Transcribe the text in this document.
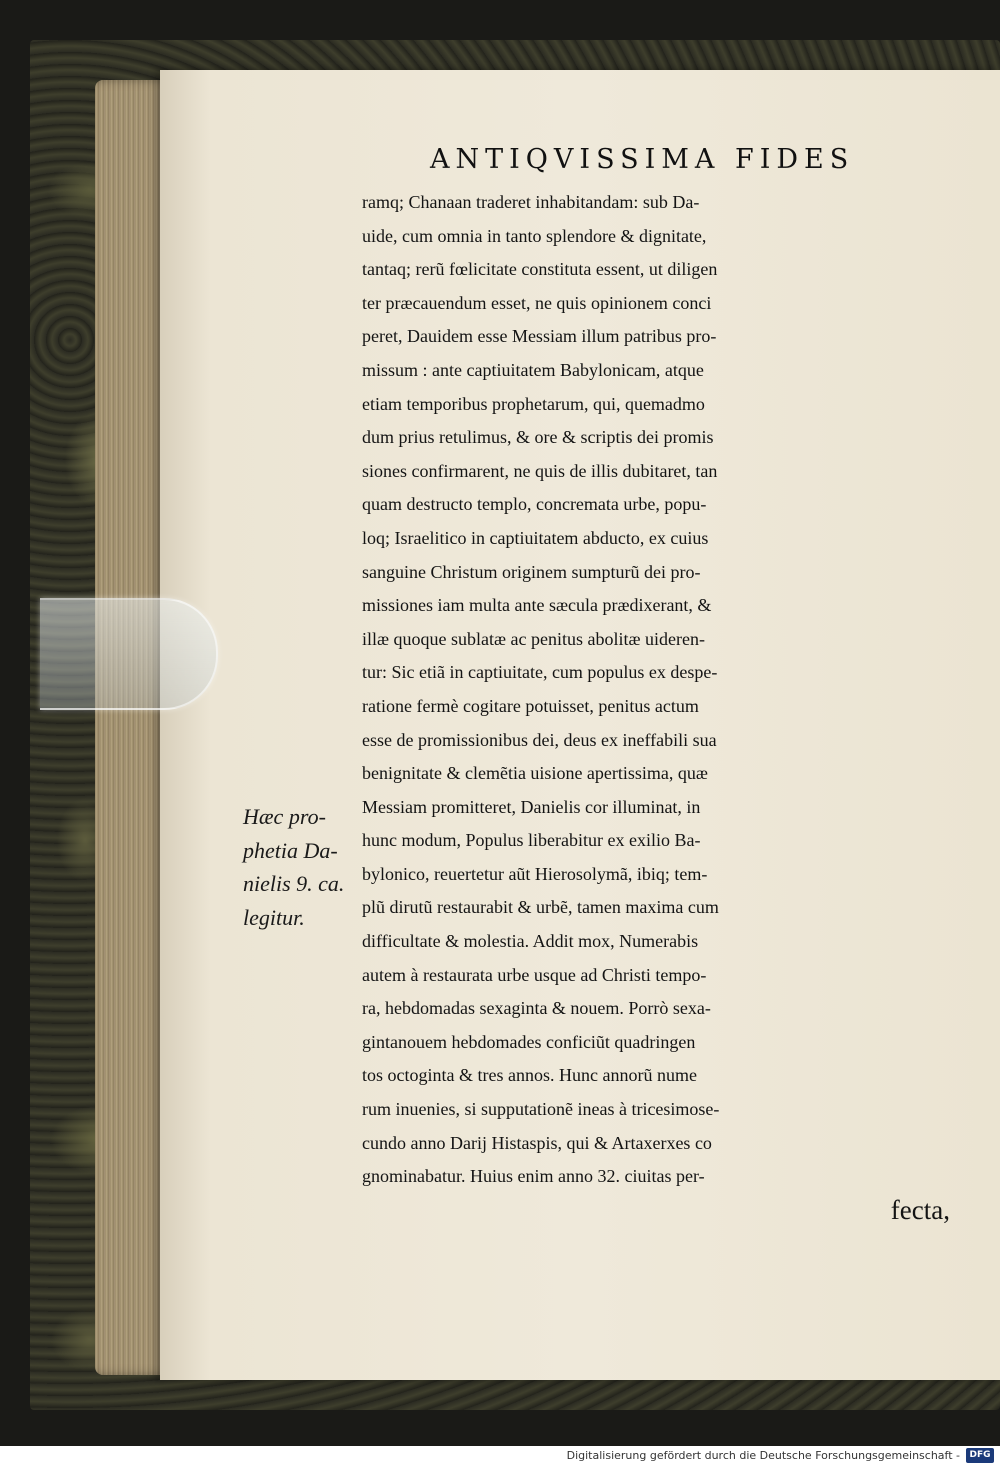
ANTIQVISSIMA FIDES
ramq; Chanaan traderet inhabitandam: sub Da-
uide, cum omnia in tanto splendore & dignitate,
tantaq; rerũ fœlicitate constituta essent, ut diligen
ter præcauendum esset, ne quis opinionem conci
peret, Dauidem esse Messiam illum patribus pro-
missum : ante captiuitatem Babylonicam, atque
etiam temporibus prophetarum, qui, quemadmo
dum prius retulimus, & ore & scriptis dei promis
siones confirmarent, ne quis de illis dubitaret, tan
quam destructo templo, concremata urbe, popu-
loq; Israelitico in captiuitatem abducto, ex cuius
sanguine Christum originem sumpturũ dei pro-
missiones iam multa ante sæcula prædixerant, &
illæ quoque sublatæ ac penitus abolitæ uideren-
tur: Sic etiã in captiuitate, cum populus ex despe-
ratione fermè cogitare potuisset, penitus actum
esse de promissionibus dei, deus ex ineffabili sua
benignitate & clemẽtia uisione apertissima, quæ
Messiam promitteret, Danielis cor illuminat, in
hunc modum, Populus liberabitur ex exilio Ba-
bylonico, reuertetur aũt Hierosolymã, ibiq; tem-
plũ dirutũ restaurabit & urbẽ, tamen maxima cum
difficultate & molestia. Addit mox, Numerabis
autem à restaurata urbe usque ad Christi tempo-
ra, hebdomadas sexaginta & nouem. Porrò sexa-
gintanouem hebdomades conficiũt quadringen
tos octoginta & tres annos. Hunc annorũ nume
rum inuenies, si supputationẽ ineas à tricesimose-
cundo anno Darij Histaspis, qui & Artaxerxes co
gnominabatur. Huius enim anno 32. ciuitas per-
fecta,
Hæc pro-
phetia Da-
nielis 9. ca.
legitur.
Digitalisierung gefördert durch die Deutsche Forschungsgemeinschaft -	DFG
